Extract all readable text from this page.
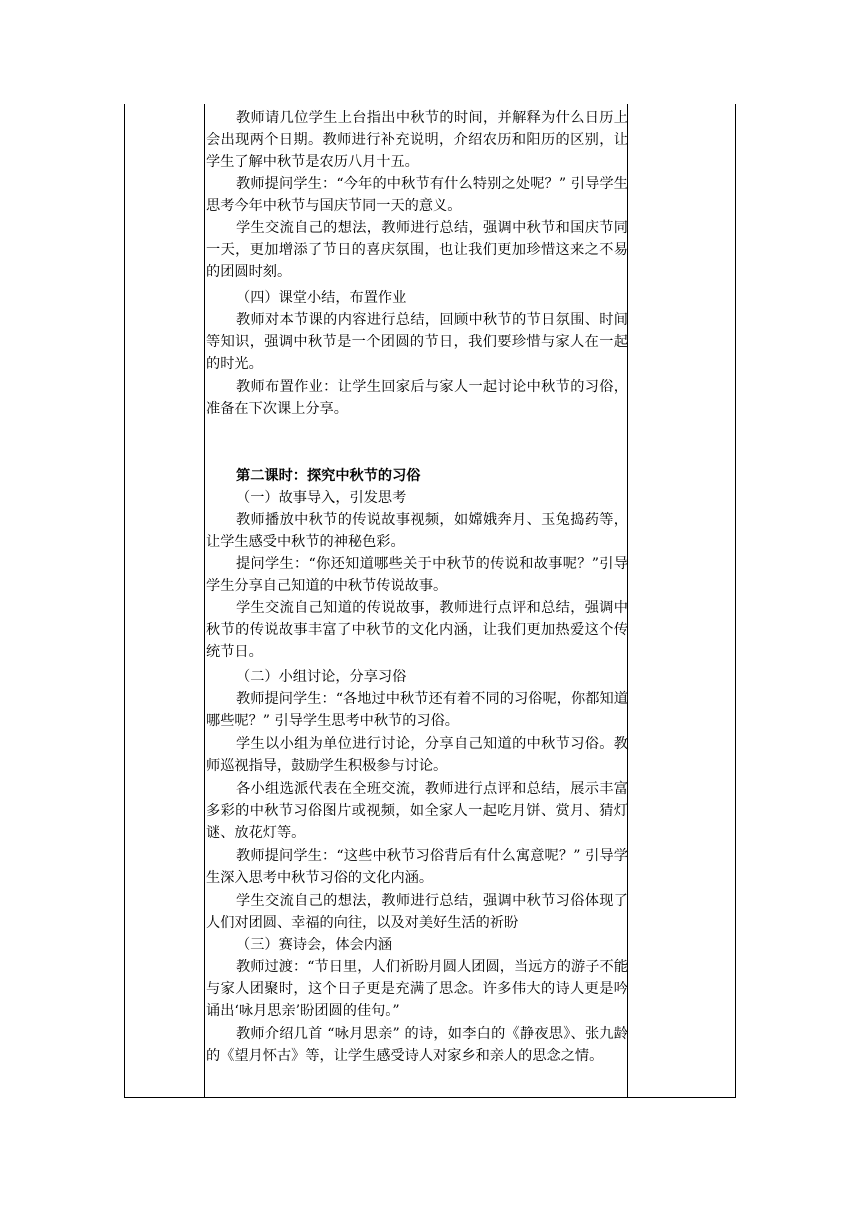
教师请几位学生上台指出中秋节的时间，并解释为什么日历上会出现两个日期。教师进行补充说明，介绍农历和阳历的区别，让学生了解中秋节是农历八月十五。

教师提问学生：“今年的中秋节有什么特别之处呢？” 引导学生思考今年中秋节与国庆节同一天的意义。

学生交流自己的想法，教师进行总结，强调中秋节和国庆节同一天，更加增添了节日的喜庆氛围，也让我们更加珍惜这来之不易的团圆时刻。

（四）课堂小结，布置作业

教师对本节课的内容进行总结，回顾中秋节的节日氛围、时间等知识，强调中秋节是一个团圆的节日，我们要珍惜与家人在一起的时光。

教师布置作业：让学生回家后与家人一起讨论中秋节的习俗，准备在下次课上分享。

第二课时：探究中秋节的习俗

（一）故事导入，引发思考

教师播放中秋节的传说故事视频，如嫦娥奔月、玉兔捣药等，让学生感受中秋节的神秘色彩。

提问学生：“你还知道哪些关于中秋节的传说和故事呢？”引导学生分享自己知道的中秋节传说故事。

学生交流自己知道的传说故事，教师进行点评和总结，强调中秋节的传说故事丰富了中秋节的文化内涵，让我们更加热爱这个传统节日。

（二）小组讨论，分享习俗

教师提问学生：“各地过中秋节还有着不同的习俗呢，你都知道哪些呢？” 引导学生思考中秋节的习俗。

学生以小组为单位进行讨论，分享自己知道的中秋节习俗。教师巡视指导，鼓励学生积极参与讨论。

各小组选派代表在全班交流，教师进行点评和总结，展示丰富多彩的中秋节习俗图片或视频，如全家人一起吃月饼、赏月、猜灯谜、放花灯等。

教师提问学生：“这些中秋节习俗背后有什么寓意呢？” 引导学生深入思考中秋节习俗的文化内涵。

学生交流自己的想法，教师进行总结，强调中秋节习俗体现了人们对团圆、幸福的向往，以及对美好生活的祈盼

（三）赛诗会，体会内涵

教师过渡：“节日里，人们祈盼月圆人团圆，当远方的游子不能与家人团聚时，这个日子更是充满了思念。许多伟大的诗人更是吟诵出‘咏月思亲’盼团圆的佳句。”

教师介绍几首 “咏月思亲” 的诗，如李白的《静夜思》、张九龄的《望月怀古》等，让学生感受诗人对家乡和亲人的思念之情。
